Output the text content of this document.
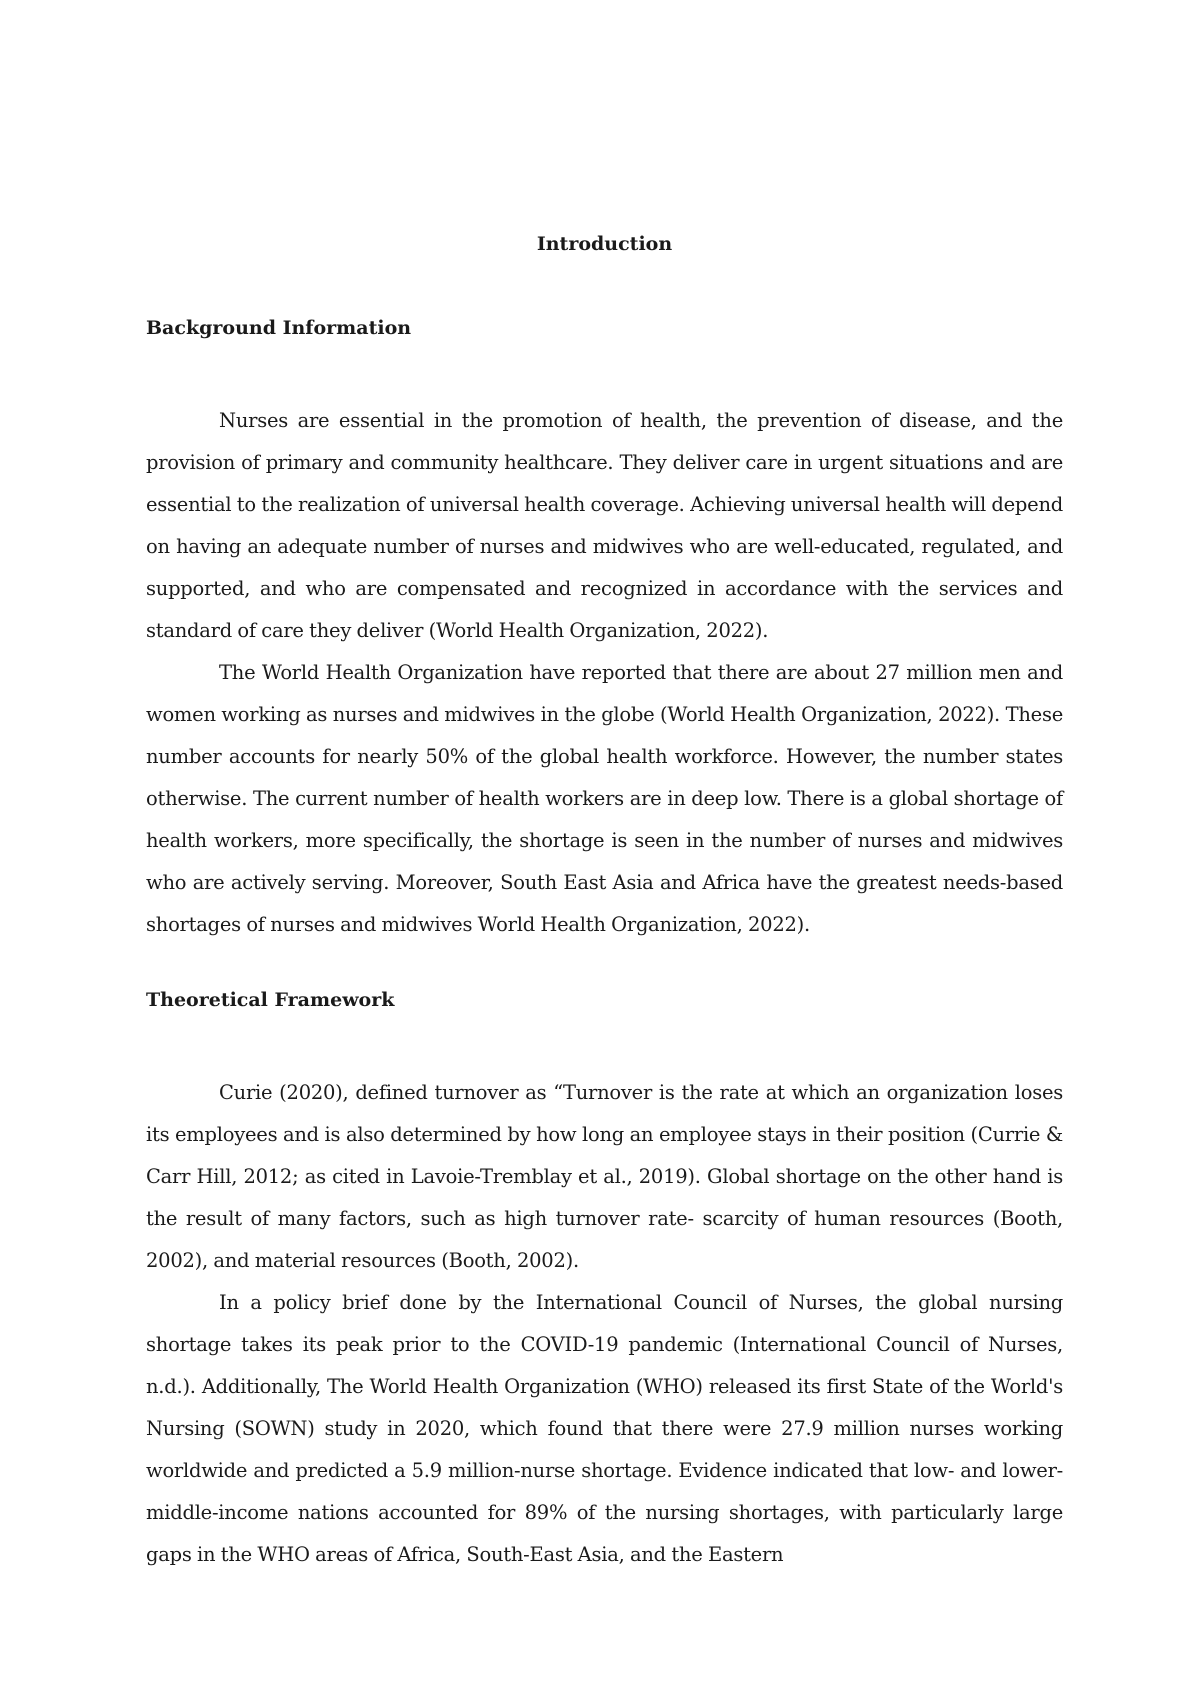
Introduction
Background Information

Nurses are essential in the promotion of health, the prevention of disease, and the provision of primary and community healthcare. They deliver care in urgent situations and are essential to the realization of universal health coverage. Achieving universal health will depend on having an adequate number of nurses and midwives who are well-educated, regulated, and supported, and who are compensated and recognized in accordance with the services and standard of care they deliver (World Health Organization, 2022).

The World Health Organization have reported that there are about 27 million men and women working as nurses and midwives in the globe (World Health Organization, 2022). These number accounts for nearly 50% of the global health workforce. However, the number states otherwise. The current number of health workers are in deep low. There is a global shortage of health workers, more specifically, the shortage is seen in the number of nurses and midwives who are actively serving. Moreover, South East Asia and Africa have the greatest needs-based shortages of nurses and midwives World Health Organization, 2022).

Theoretical Framework

Curie (2020), defined turnover as “Turnover is the rate at which an organization loses its employees and is also determined by how long an employee stays in their position (Currie & Carr Hill, 2012; as cited in Lavoie-Tremblay et al., 2019). Global shortage on the other hand is the result of many factors, such as high turnover rate- scarcity of human resources (Booth, 2002), and material resources (Booth, 2002).

In a policy brief done by the International Council of Nurses, the global nursing shortage takes its peak prior to the COVID-19 pandemic (International Council of Nurses, n.d.). Additionally, The World Health Organization (WHO) released its first State of the World's Nursing (SOWN) study in 2020, which found that there were 27.9 million nurses working worldwide and predicted a 5.9 million-nurse shortage. Evidence indicated that low- and lower-middle-income nations accounted for 89% of the nursing shortages, with particularly large gaps in the WHO areas of Africa, South-East Asia, and the Eastern
